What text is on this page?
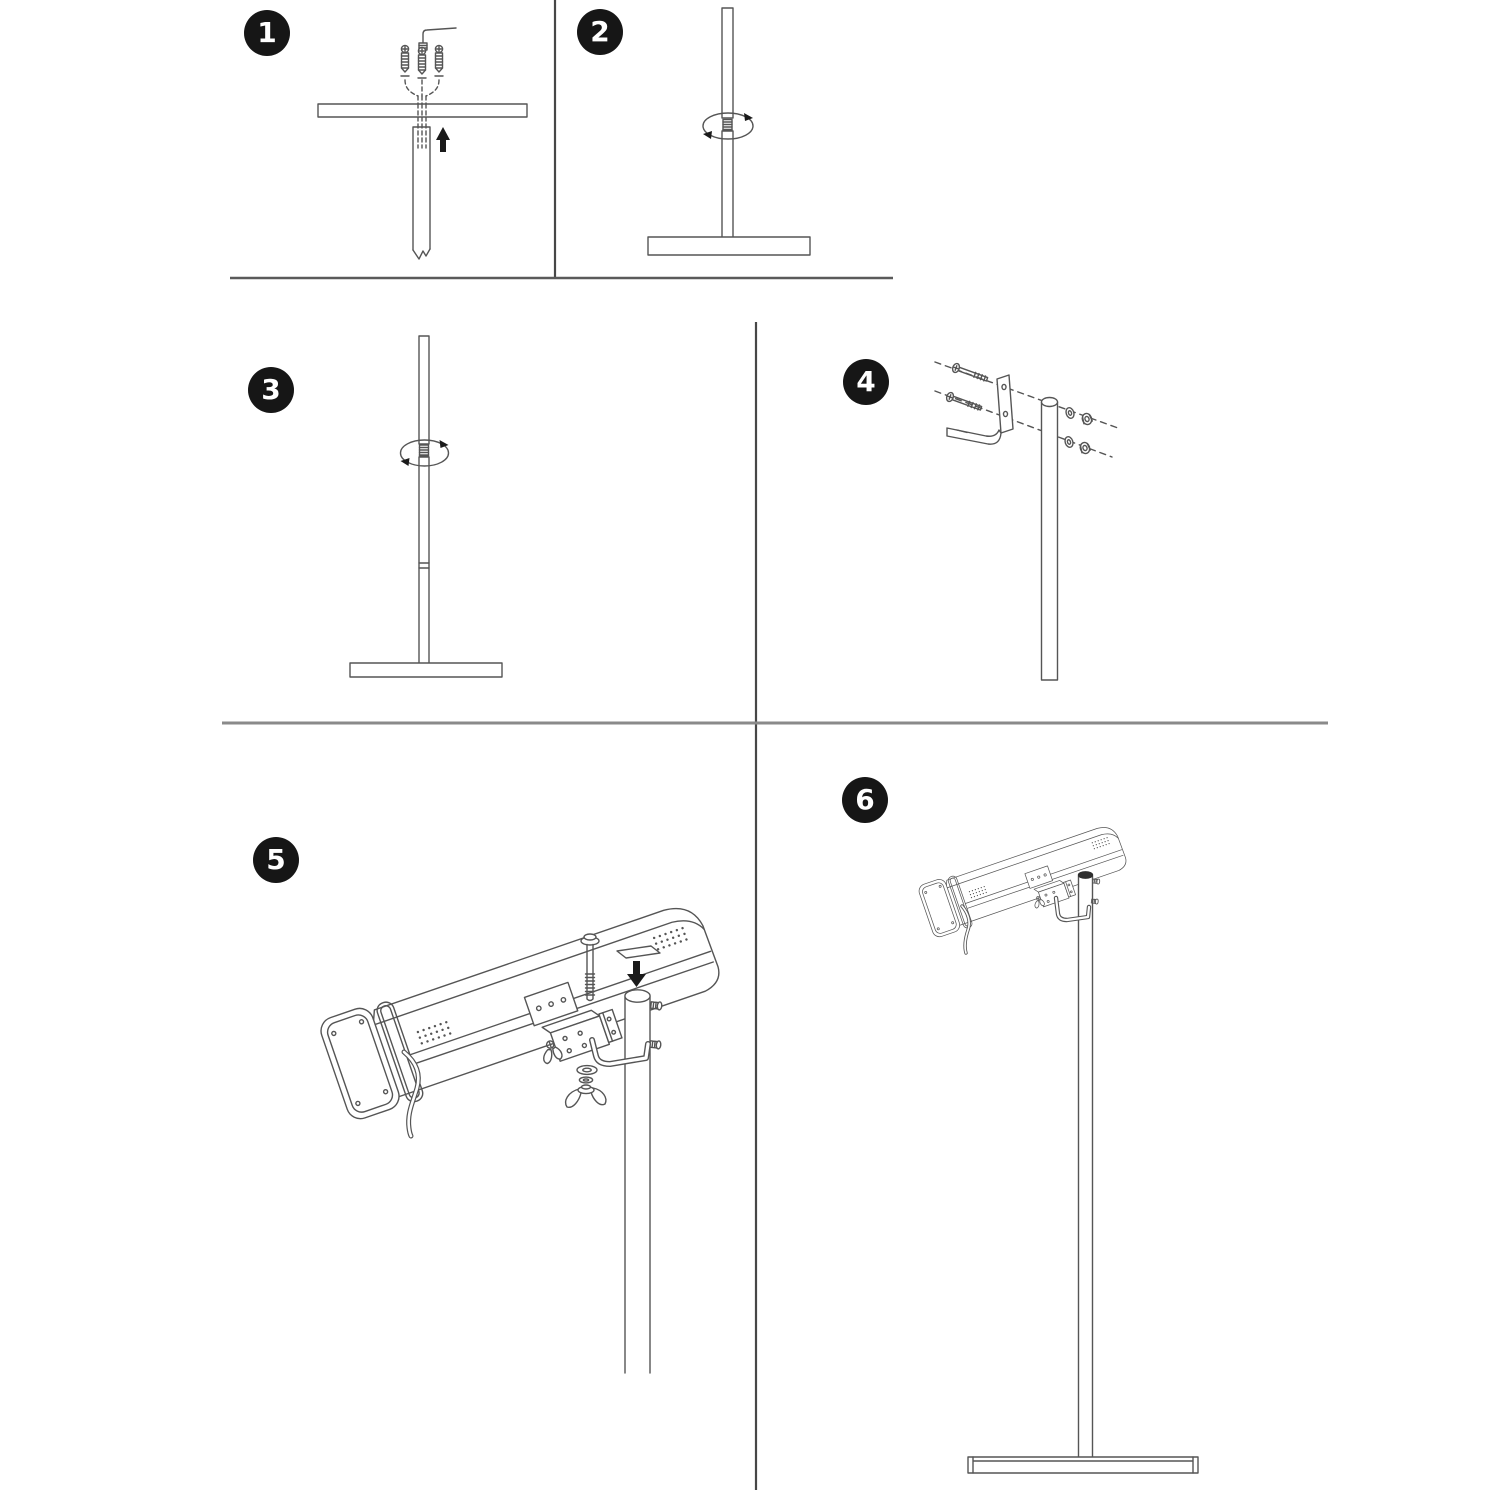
1	2
3	4
5
6
